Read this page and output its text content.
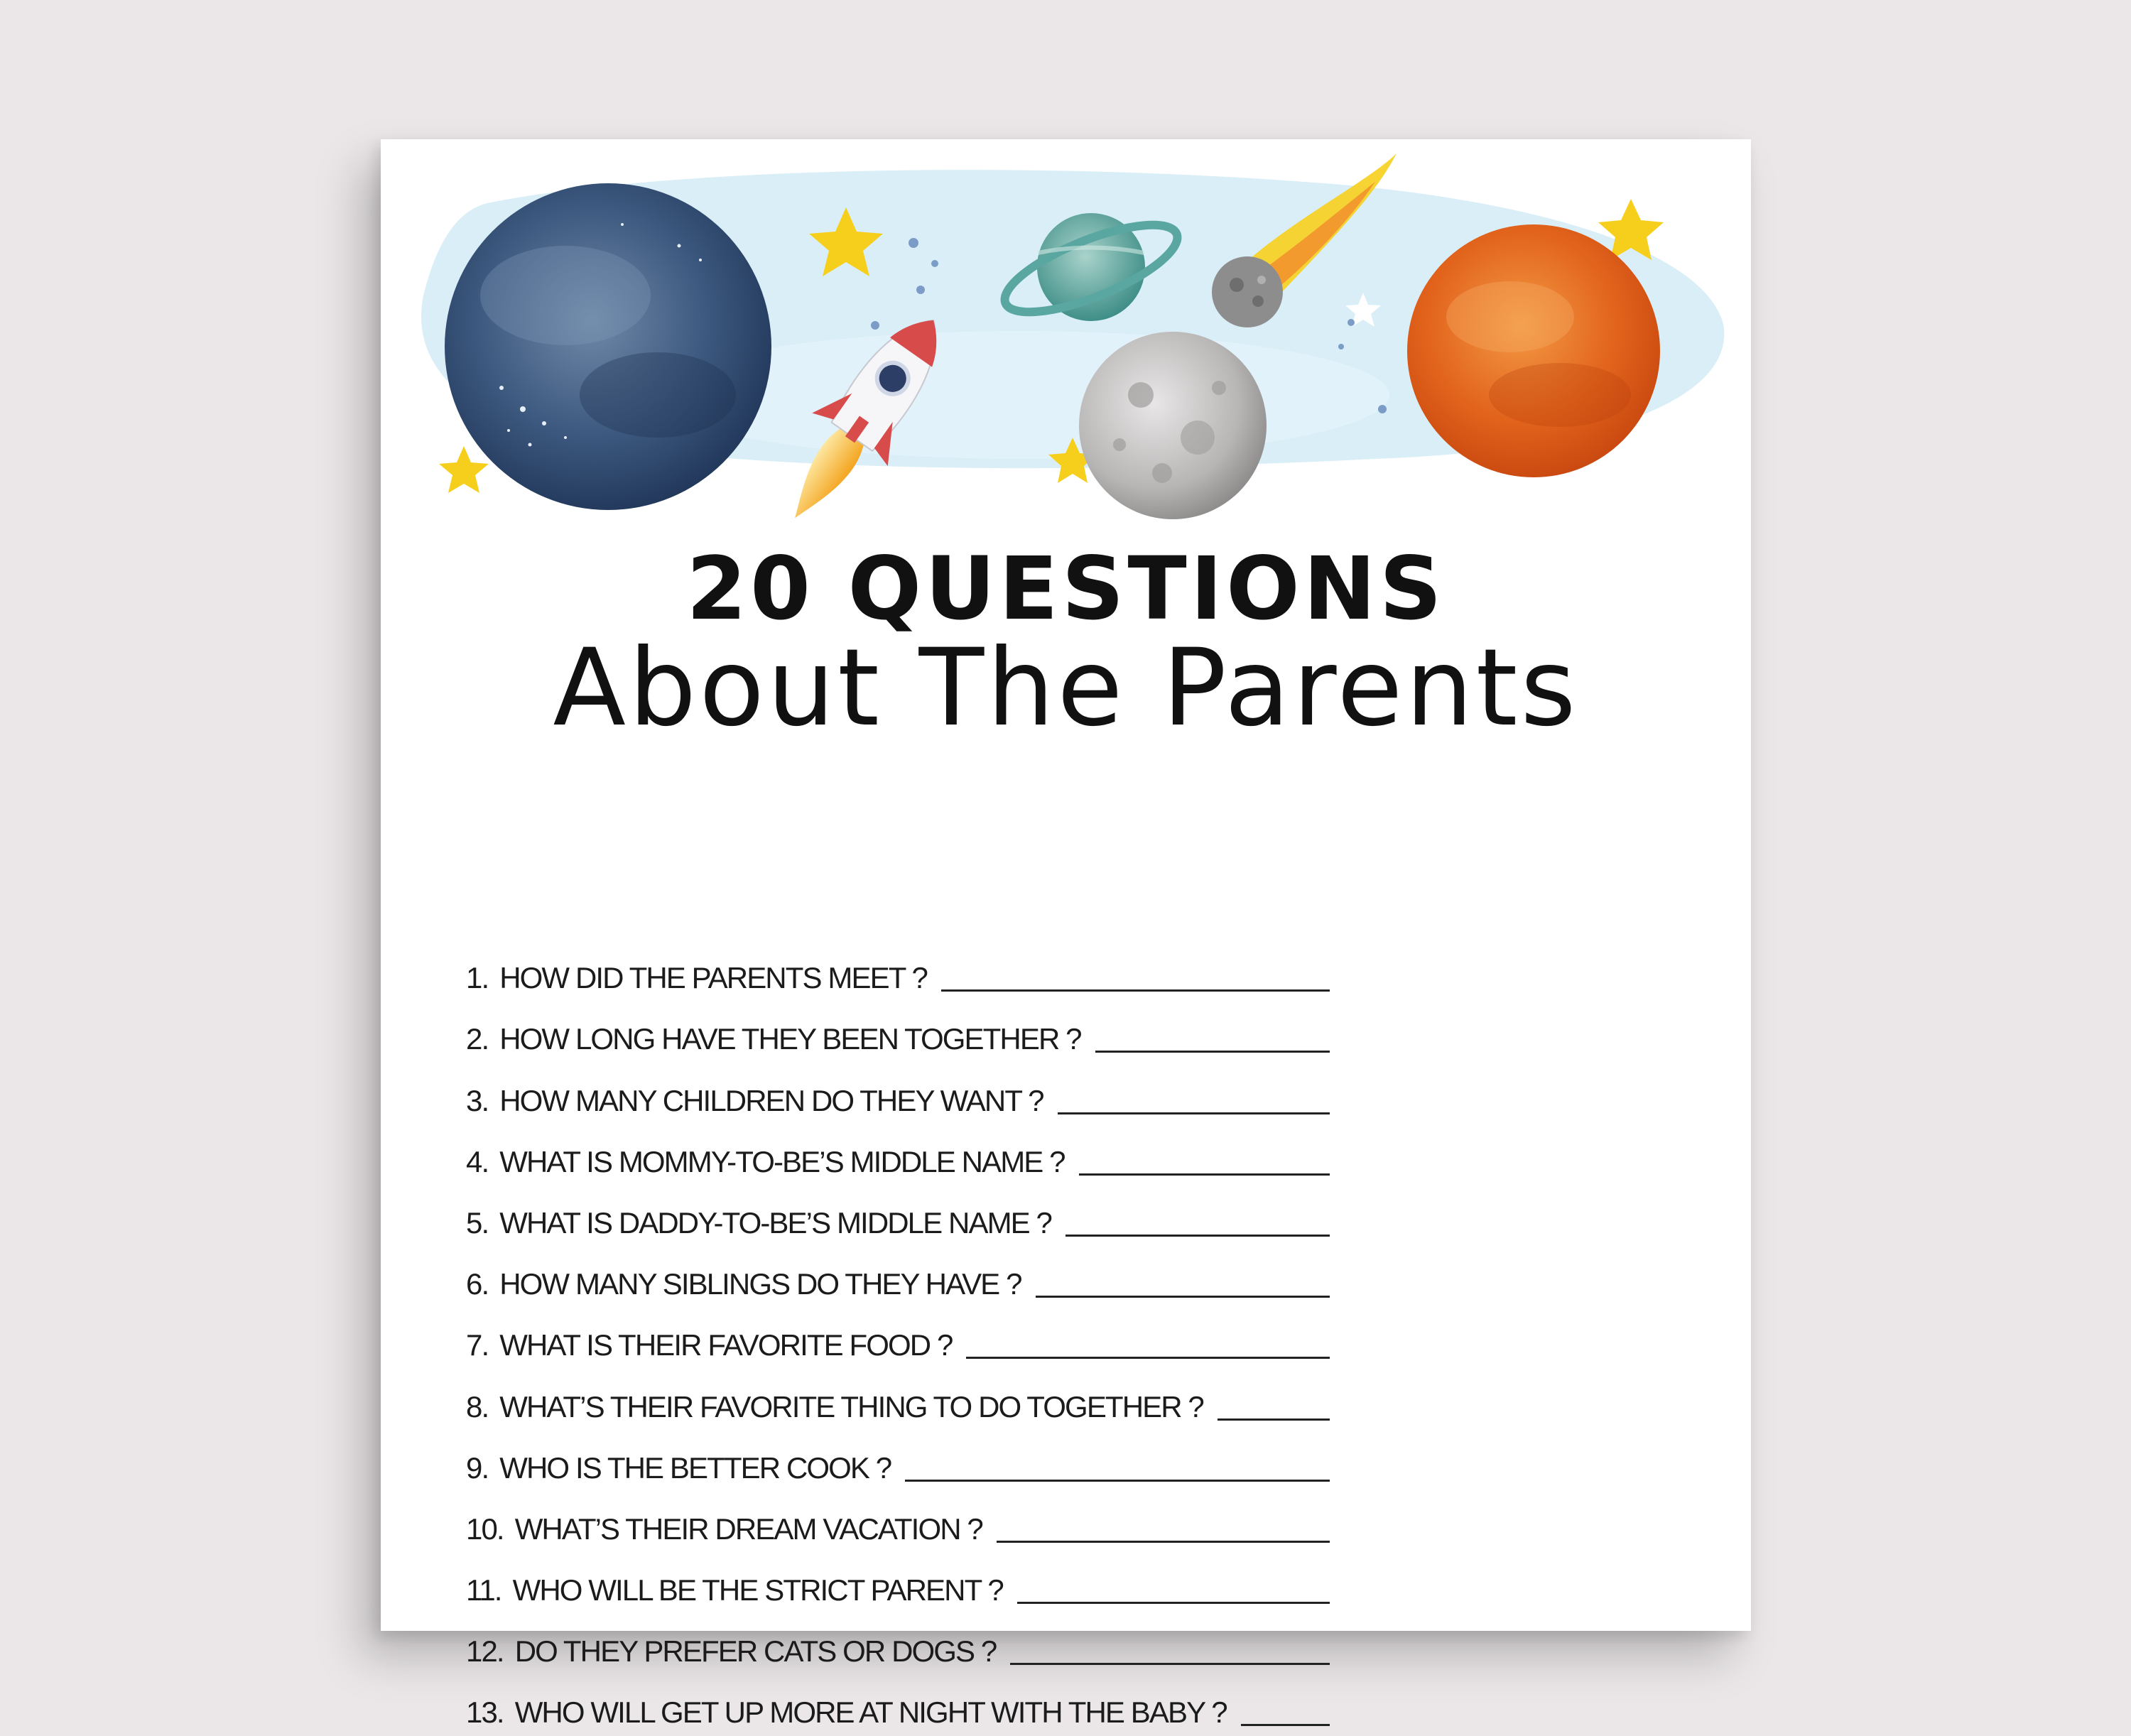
20 QUESTIONS
About The Parents
1. HOW DID THE PARENTS MEET ?
2. HOW LONG HAVE THEY BEEN TOGETHER ?
3. HOW MANY CHILDREN DO THEY WANT ?
4. WHAT IS MOMMY-TO-BE’S MIDDLE NAME ?
5. WHAT IS DADDY-TO-BE’S MIDDLE NAME ?
6. HOW MANY SIBLINGS DO THEY HAVE ?
7. WHAT IS THEIR FAVORITE FOOD ?
8. WHAT’S THEIR FAVORITE THING TO DO TOGETHER ?
9. WHO IS THE BETTER COOK ?
10. WHAT’S THEIR DREAM VACATION ?
11. WHO WILL BE THE STRICT PARENT ?
12. DO THEY PREFER CATS OR DOGS ?
13. WHO WILL GET UP MORE AT NIGHT WITH THE BABY ?
